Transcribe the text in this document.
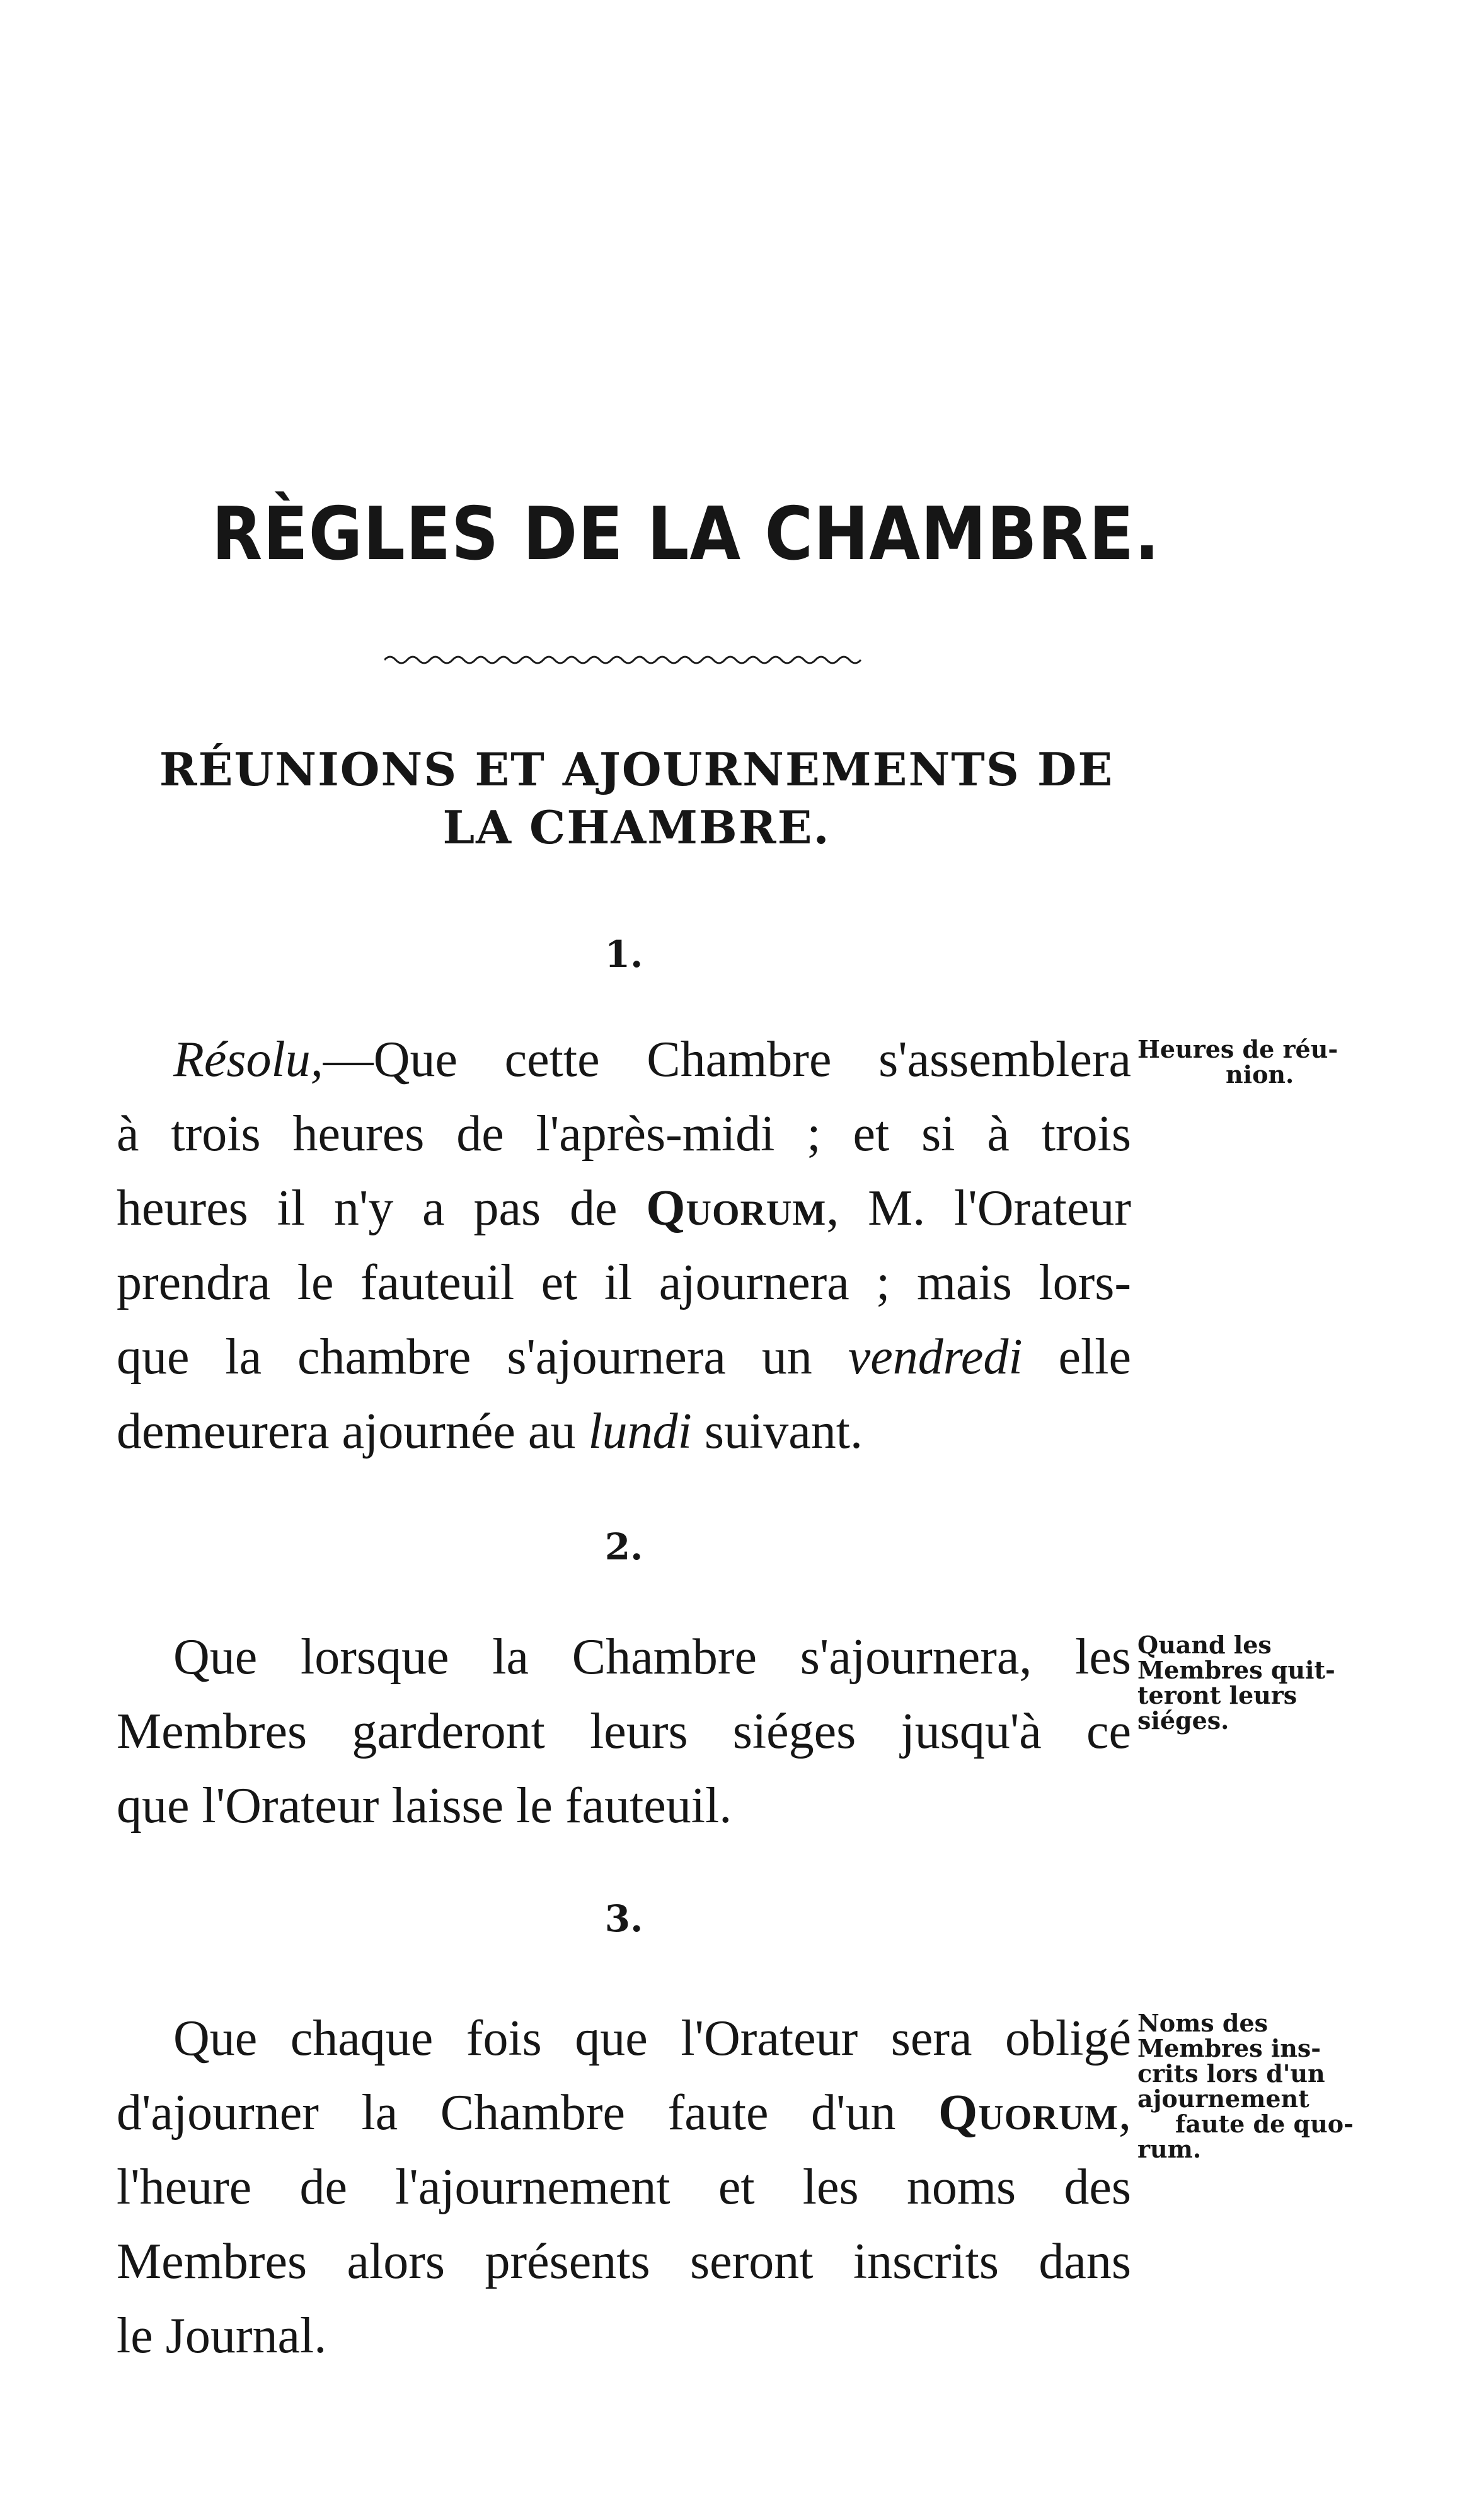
RÈGLES DE LA CHAMBRE.
RÉUNIONS ET AJOURNEMENTS DE
LA CHAMBRE.
1.
Résolu,—Que cette Chambre s'assemblera
à trois heures de l'après-midi ; et si à trois
heures il n'y a pas de Quorum, M. l'Orateur
prendra le fauteuil et il ajournera ; mais lors-
que la chambre s'ajournera un vendredi elle
demeurera ajournée au lundi suivant.
Heures de réu-
nion.
2.
Que lorsque la Chambre s'ajournera, les
Membres garderont leurs siéges jusqu'à ce
que l'Orateur laisse le fauteuil.
Quand les
Membres quit-
teront leurs
siéges.
3.
Que chaque fois que l'Orateur sera obligé
d'ajourner la Chambre faute d'un Quorum,
l'heure de l'ajournement et les noms des
Membres alors présents seront inscrits dans
le Journal.
Noms des
Membres ins-
crits lors d'un
ajournement
faute de quo-
rum.
